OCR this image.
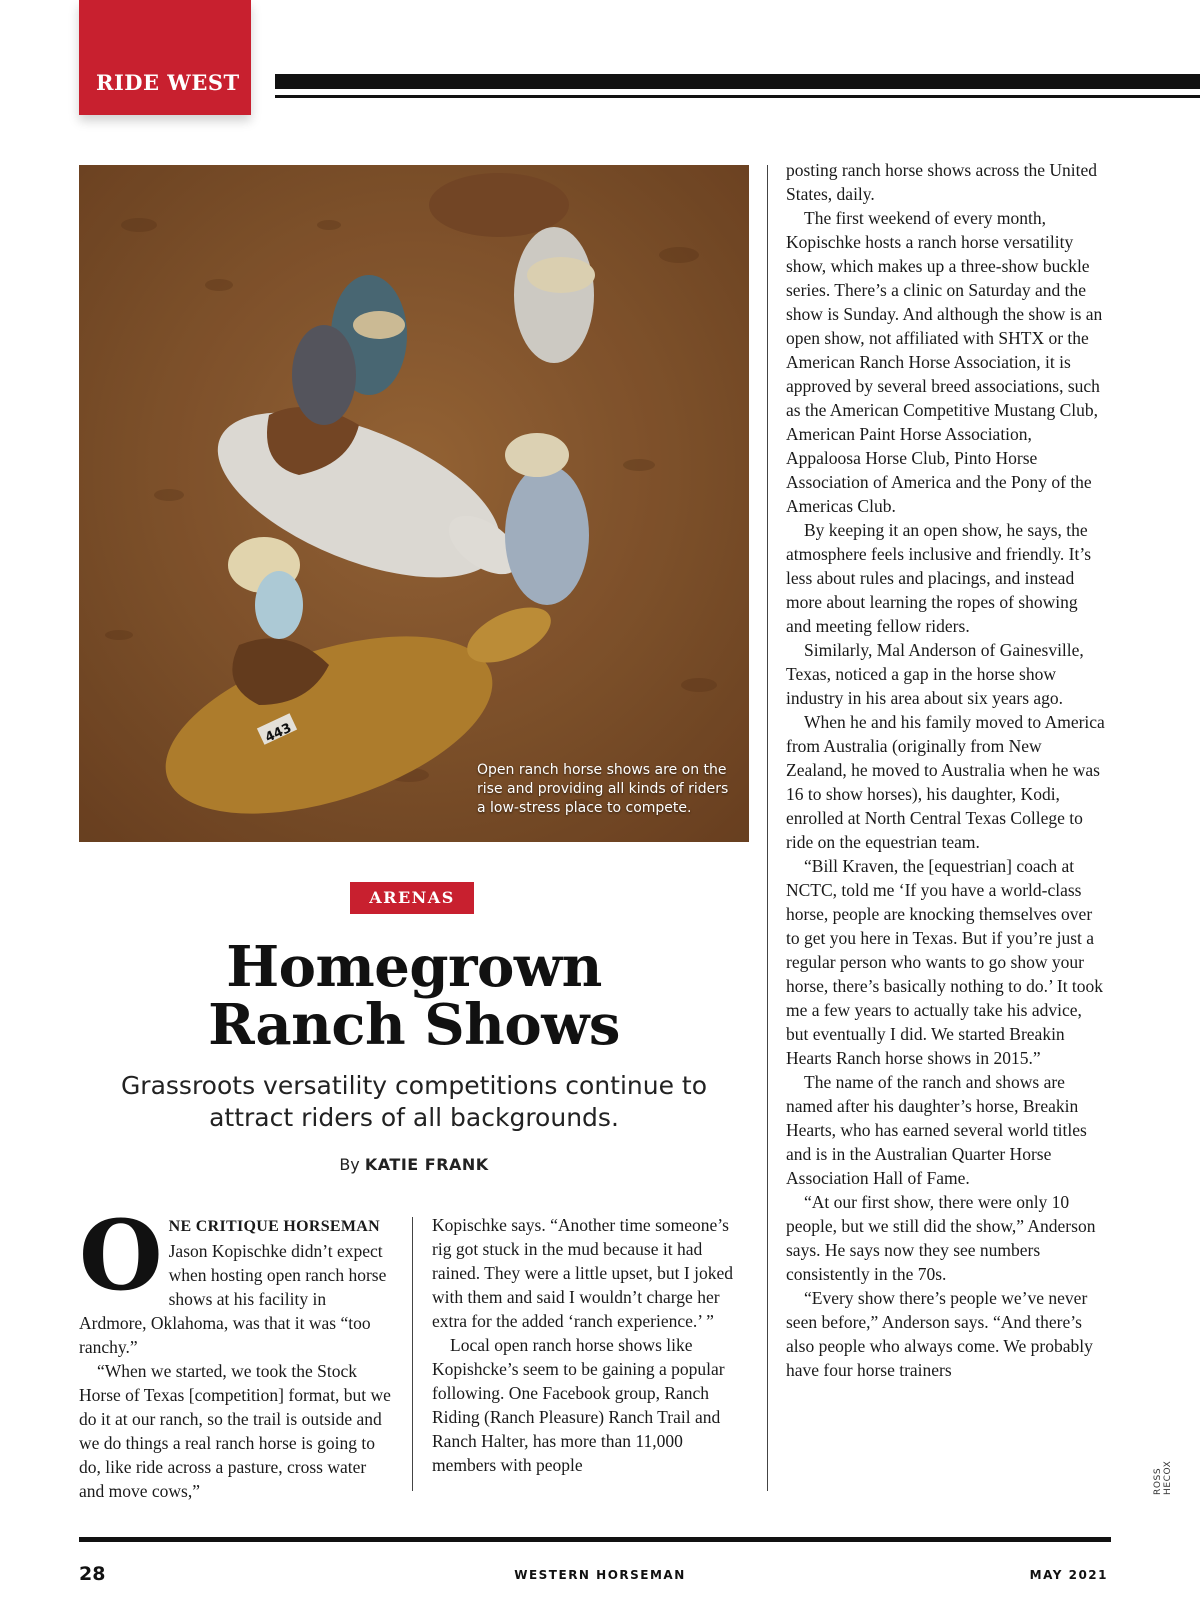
RIDE WEST
443
Open ranch horse shows are on the rise and providing all kinds of riders a low-stress place to compete.
ARENAS
Homegrown
Ranch Shows
Grassroots versatility competitions continue to attract riders of all backgrounds.
By KATIE FRANK

ONE CRITIQUE HORSEMAN
Jason Kopischke didn’t expect when hosting open ranch horse shows at his facility in Ardmore, Oklahoma, was that it was “too ranchy.”

“When we started, we took the Stock Horse of Texas [competition] format, but we do it at our ranch, so the trail is outside and we do things a real ranch horse is going to do, like ride across a pasture, cross water and move cows,”

Kopischke says. “Another time someone’s rig got stuck in the mud because it had rained. They were a little upset, but I joked with them and said I wouldn’t charge her extra for the added ‘ranch experience.’ ”

Local open ranch horse shows like Kopishcke’s seem to be gaining a popular following. One Facebook group, Ranch Riding (Ranch Pleasure) Ranch Trail and Ranch Halter, has more than 11,000 members with people

posting ranch horse shows across the United States, daily.

The first weekend of every month, Kopischke hosts a ranch horse versatility show, which makes up a three-show buckle series. There’s a clinic on Saturday and the show is Sunday. And although the show is an open show, not affiliated with SHTX or the American Ranch Horse Association, it is approved by several breed associations, such as the American Competitive Mustang Club, American Paint Horse Association, Appaloosa Horse Club, Pinto Horse Association of America and the Pony of the Americas Club.

By keeping it an open show, he says, the atmosphere feels inclusive and friendly. It’s less about rules and placings, and instead more about learning the ropes of showing and meeting fellow riders.

Similarly, Mal Anderson of Gainesville, Texas, noticed a gap in the horse show industry in his area about six years ago.

When he and his family moved to America from Australia (originally from New Zealand, he moved to Australia when he was 16 to show horses), his daughter, Kodi, enrolled at North Central Texas College to ride on the equestrian team.

“Bill Kraven, the [equestrian] coach at NCTC, told me ‘If you have a world-class horse, people are knocking themselves over to get you here in Texas. But if you’re just a regular person who wants to go show your horse, there’s basically nothing to do.’ It took me a few years to actually take his advice, but eventually I did. We started Breakin Hearts Ranch horse shows in 2015.”

The name of the ranch and shows are named after his daughter’s horse, Breakin Hearts, who has earned several world titles and is in the Australian Quarter Horse Association Hall of Fame.

“At our first show, there were only 10 people, but we still did the show,” Anderson says. He says now they see numbers consistently in the 70s.

“Every show there’s people we’ve never seen before,” Anderson says. “And there’s also people who always come. We probably have four horse trainers

ROSS HECOX
28	WESTERN HORSEMAN	MAY 2021
